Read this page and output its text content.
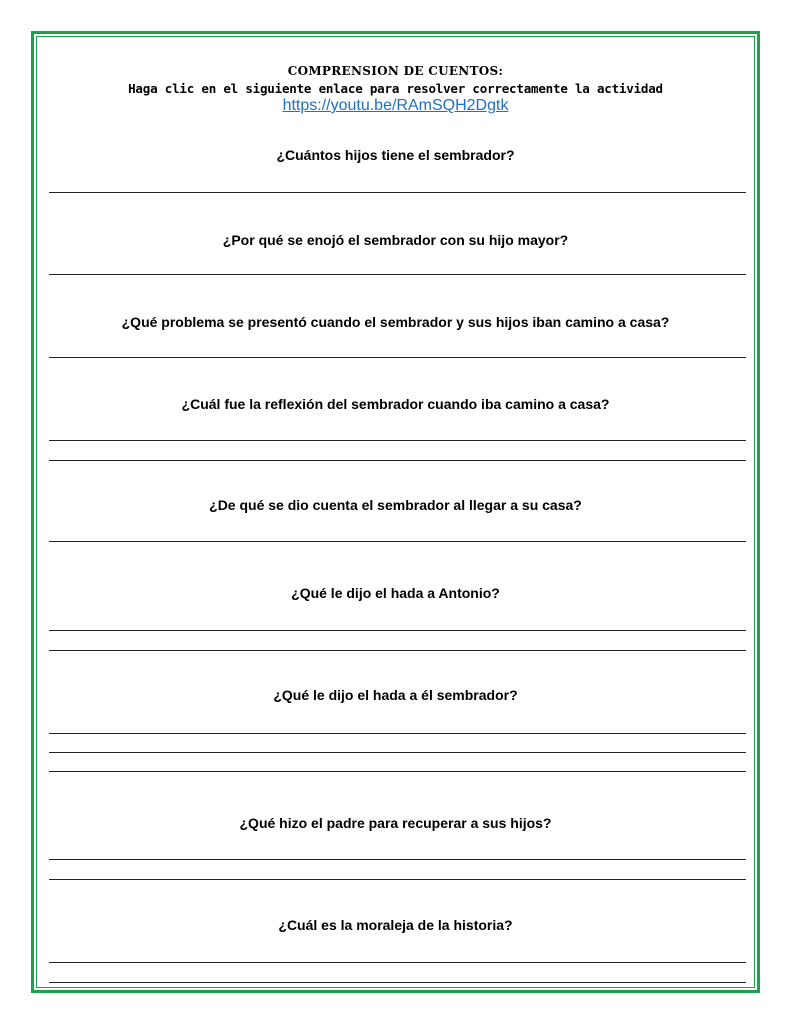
COMPRENSION DE CUENTOS:
Haga clic en el siguiente enlace para resolver correctamente la actividad
https://youtu.be/RAmSQH2Dgtk
¿Cuántos hijos tiene el sembrador?
¿Por qué se enojó el sembrador con su hijo mayor?
¿Qué problema se presentó cuando el sembrador y sus hijos iban camino a casa?
¿Cuál fue la reflexión del sembrador cuando iba camino a casa?
¿De qué se dio cuenta el sembrador al llegar a su casa?
¿Qué le dijo el hada a Antonio?
¿Qué le dijo el hada a él sembrador?
¿Qué hizo el padre para recuperar a sus hijos?
¿Cuál es la moraleja de la historia?
